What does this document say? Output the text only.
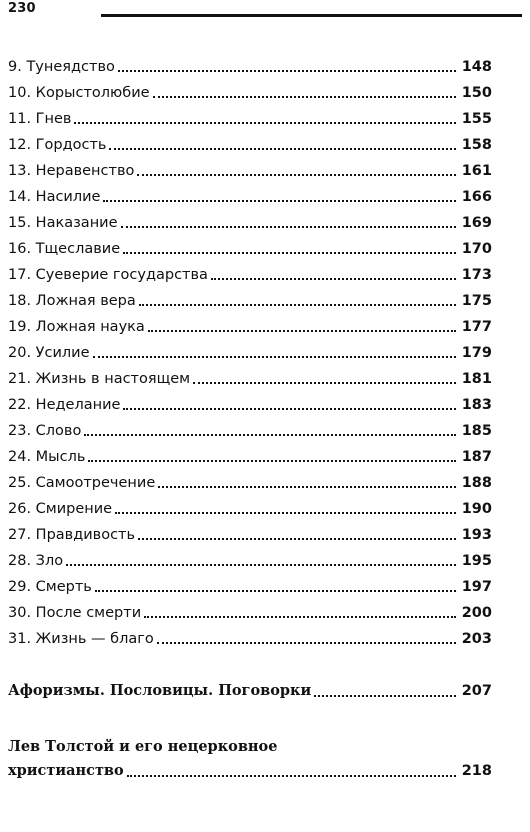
230
9. Тунеядство	148
10. Корыстолюбие	150
11. Гнев	155
12. Гордость	158
13. Неравенство	161
14. Насилие	166
15. Наказание	169
16. Тщеславие	170
17. Суеверие государства	173
18. Ложная вера	175
19. Ложная наука	177
20. Усилие	179
21. Жизнь в настоящем	181
22. Неделание	183
23. Слово	185
24. Мысль	187
25. Самоотречение	188
26. Смирение	190
27. Правдивость	193
28. Зло	195
29. Смерть	197
30. После смерти	200
31. Жизнь — благо	203
Афоризмы. Пословицы. Поговорки	207
Лев Толстой и его нецерковное
христианство	218
